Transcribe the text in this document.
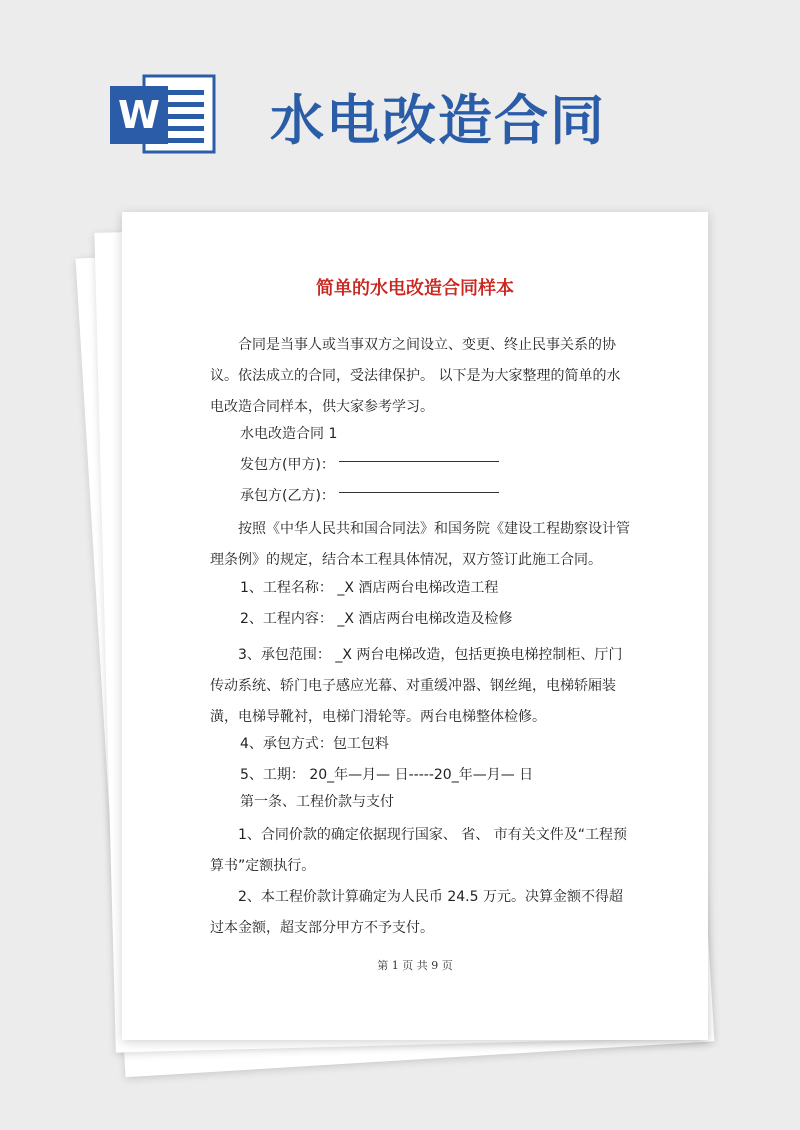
W 水电改造合同
简单的水电改造合同样本
合同是当事人或当事双方之间设立、变更、终止民事关系的协议。依法成立的合同，受法律保护。 以下是为大家整理的简单的水电改造合同样本，供大家参考学习。
水电改造合同 1
发包方(甲方)：
承包方(乙方)：
按照《中华人民共和国合同法》和国务院《建设工程勘察设计管理条例》的规定，结合本工程具体情况，双方签订此施工合同。
1、工程名称： _X 酒店两台电梯改造工程
2、工程内容： _X 酒店两台电梯改造及检修
3、承包范围： _X 两台电梯改造，包括更换电梯控制柜、厅门传动系统、轿门电子感应光幕、对重缓冲器、钢丝绳，电梯轿厢装潢，电梯导靴衬，电梯门滑轮等。两台电梯整体检修。
4、承包方式：包工包料
5、工期： 20_年—月— 日-----20_年—月— 日
第一条、工程价款与支付
1、合同价款的确定依据现行国家、 省、 市有关文件及“工程预算书”定额执行。
2、本工程价款计算确定为人民币 24.5 万元。决算金额不得超过本金额，超支部分甲方不予支付。
第 1 页 共 9 页
